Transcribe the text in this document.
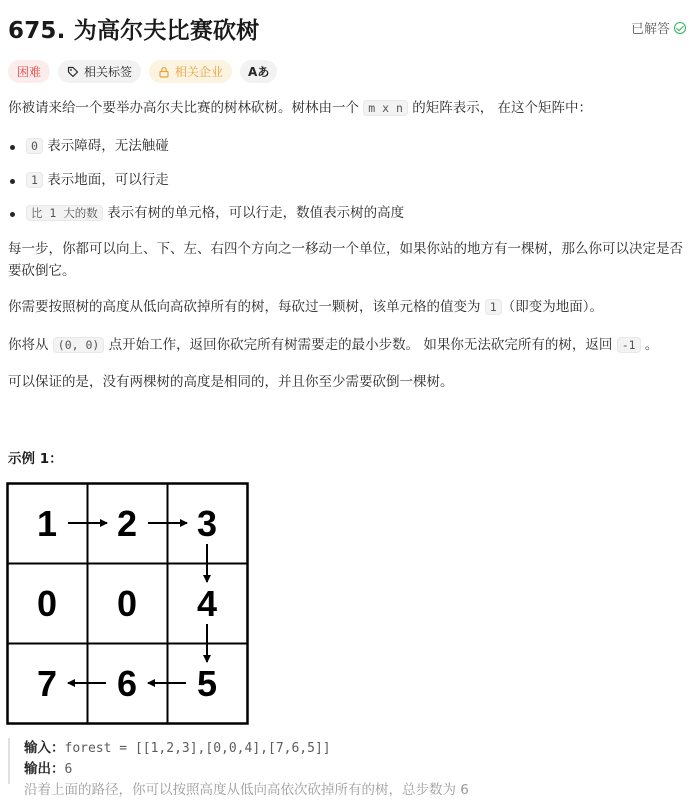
675. 为高尔夫比赛砍树	已解答
困难	相关标签	相关企业 Aあ
你被请来给一个要举办高尔夫比赛的树林砍树。树林由一个 m x n 的矩阵表示， 在这个矩阵中：
0 表示障碍，无法触碰
1 表示地面，可以行走
比 1 大的数 表示有树的单元格，可以行走，数值表示树的高度
每一步，你都可以向上、下、左、右四个方向之一移动一个单位，如果你站的地方有一棵树，那么你可以决定是否要砍倒它。
你需要按照树的高度从低向高砍掉所有的树，每砍过一颗树，该单元格的值变为 1 （即变为地面）。
你将从 (0, 0) 点开始工作，返回你砍完所有树需要走的最小步数。 如果你无法砍完所有的树，返回 -1 。
可以保证的是，没有两棵树的高度是相同的，并且你至少需要砍倒一棵树。
示例 1：
1 2 3
0 0 4
7 6 5
输入：forest = [[1,2,3],[0,0,4],[7,6,5]]
输出：6
沿着上面的路径，你可以按照高度从低向高依次砍掉所有的树，总步数为 6
